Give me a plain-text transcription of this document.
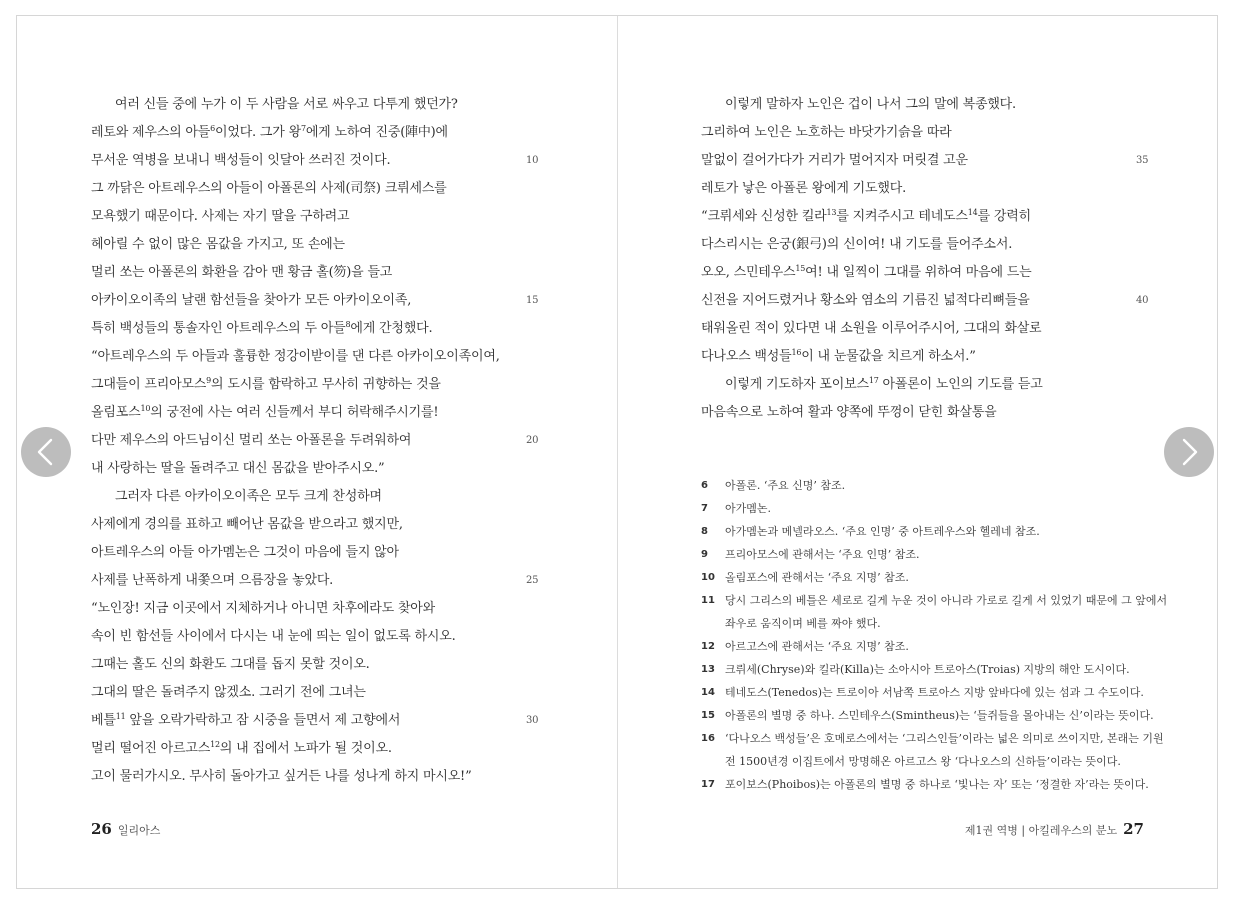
여러 신들 중에 누가 이 두 사람을 서로 싸우고 다투게 했던가?
레토와 제우스의 아들$^6$이었다. 그가 왕$^7$에게 노하여 진중(陣中)에
무서운 역병을 보내니 백성들이 잇달아 쓰러진 것이다.	10
그 까닭은 아트레우스의 아들이 아폴론의 사제(司祭) 크뤼세스를
모욕했기 때문이다. 사제는 자기 딸을 구하려고
헤아릴 수 없이 많은 몸값을 가지고, 또 손에는
멀리 쏘는 아폴론의 화환을 감아 맨 황금 홀(笏)을 들고
아카이오이족의 날랜 함선들을 찾아가 모든 아카이오이족,	15
특히 백성들의 통솔자인 아트레우스의 두 아들$^8$에게 간청했다.
“아트레우스의 두 아들과 훌륭한 정강이받이를 댄 다른 아카이오이족이여,
그대들이 프리아모스$^9$의 도시를 함락하고 무사히 귀향하는 것을
올림포스$^{10}$의 궁전에 사는 여러 신들께서 부디 허락해주시기를!
다만 제우스의 아드님이신 멀리 쏘는 아폴론을 두려워하여	20
내 사랑하는 딸을 돌려주고 대신 몸값을 받아주시오.”
그러자 다른 아카이오이족은 모두 크게 찬성하며
사제에게 경의를 표하고 빼어난 몸값을 받으라고 했지만,
아트레우스의 아들 아가멤논은 그것이 마음에 들지 않아
사제를 난폭하게 내쫓으며 으름장을 놓았다.	25
“노인장! 지금 이곳에서 지체하거나 아니면 차후에라도 찾아와
속이 빈 함선들 사이에서 다시는 내 눈에 띄는 일이 없도록 하시오.
그때는 홀도 신의 화환도 그대를 돕지 못할 것이오.
그대의 딸은 돌려주지 않겠소. 그러기 전에 그녀는
베틀$^{11}$ 앞을 오락가락하고 잠 시중을 들면서 제 고향에서	30
멀리 떨어진 아르고스$^{12}$의 내 집에서 노파가 될 것이오.
고이 물러가시오. 무사히 돌아가고 싶거든 나를 성나게 하지 마시오!”
26 일리아스
이렇게 말하자 노인은 겁이 나서 그의 말에 복종했다.
그리하여 노인은 노호하는 바닷가기슭을 따라
말없이 걸어가다가 거리가 멀어지자 머릿결 고운	35
레토가 낳은 아폴론 왕에게 기도했다.
“크뤼세와 신성한 킬라$^{13}$를 지켜주시고 테네도스$^{14}$를 강력히
다스리시는 은궁(銀弓)의 신이여! 내 기도를 들어주소서.
오오, 스민테우스$^{15}$여! 내 일찍이 그대를 위하여 마음에 드는
신전을 지어드렸거나 황소와 염소의 기름진 넓적다리뼈들을	40
태워올린 적이 있다면 내 소원을 이루어주시어, 그대의 화살로
다나오스 백성들$^{16}$이 내 눈물값을 치르게 하소서.”
이렇게 기도하자 포이보스$^{17}$ 아폴론이 노인의 기도를 듣고
마음속으로 노하여 활과 양쪽에 뚜껑이 닫힌 화살통을
6	아폴론. ‘주요 신명’ 참조.
7	아가멤논.
8	아가멤논과 메넬라오스. ‘주요 인명’ 중 아트레우스와 헬레네 참조.
9	프리아모스에 관해서는 ‘주요 인명’ 참조.
10 올림포스에 관해서는 ‘주요 지명’ 참조.
11 당시 그리스의 베틀은 세로로 길게 누운 것이 아니라 가로로 길게 서 있었기 때문에 그 앞에서 좌우로 움직이며 베를 짜야 했다.
12 아르고스에 관해서는 ‘주요 지명’ 참조.
13 크뤼세(Chryse)와 킬라(Killa)는 소아시아 트로아스(Troias) 지방의 해안 도시이다.
14 테네도스(Tenedos)는 트로이아 서남쪽 트로아스 지방 앞바다에 있는 섬과 그 수도이다.
15 아폴론의 별명 중 하나. 스민테우스(Smintheus)는 ‘들쥐들을 몰아내는 신’이라는 뜻이다.
16 ‘다나오스 백성들’은 호메로스에서는 ‘그리스인들’이라는 넓은 의미로 쓰이지만, 본래는 기원전 1500년경 이집트에서 망명해온 아르고스 왕 ‘다나오스의 신하들’이라는 뜻이다.
17 포이보스(Phoibos)는 아폴론의 별명 중 하나로 ‘빛나는 자’ 또는 ‘정결한 자’라는 뜻이다.
제1권 역병 | 아킬레우스의 분노 27
